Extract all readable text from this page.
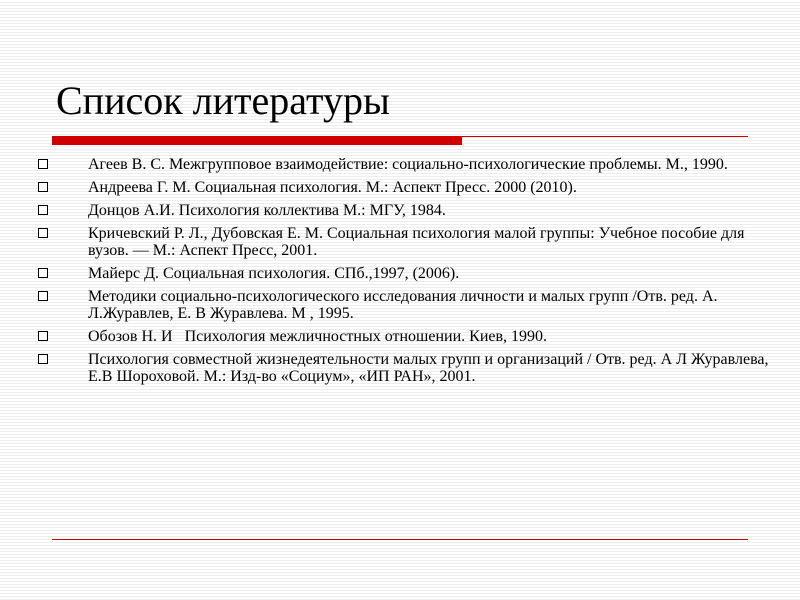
Список литературы
Агеев В. С. Межгрупповое взаимодействие: социально-психологические проблемы. М., 1990.
Андреева Г. М. Социальная психология. М.: Аспект Пресс. 2000 (2010).
Донцов А.И. Психология коллектива М.: МГУ, 1984.
Кричевский Р. Л., Дубовская Е. М. Социальная психология малой группы: Учебное пособие для вузов. — М.: Аспект Пресс, 2001.
Майерс Д. Социальная психология. СПб.,1997, (2006).
Методики социально-психологического исследования личности и малых групп /Отв. ред. А. Л.Журавлев, Е. В Журавлева. М , 1995.
Обозов Н. И   Психология межличностных отношении. Киев, 1990.
Психология совместной жизнедеятельности малых групп и организаций / Отв. ред. А Л Журавлева, Е.В Шороховой. М.: Изд-во «Социум», «ИП РАН», 2001.
